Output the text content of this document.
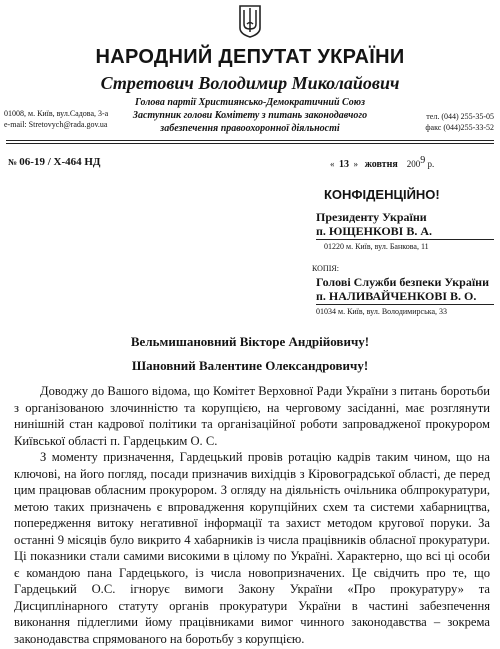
НАРОДНИЙ ДЕПУТАТ УКРАЇНИ
Стретович Володимир Миколайович
Голова партії Християнсько-Демократичний Союз
Заступник голови Комітету з питань законодавчого
забезпечення правоохоронної діяльності
01008, м. Київ, вул.Садова, 3-а
e-mail: Stretovych@rada.gov.ua
тел. (044) 255-35-05
факс (044)255-33-52
№ 06-19 / Х-464 НД	« 13 » жовтня $200^9$ р.
КОНФІДЕНЦІЙНО!
Президенту України
п. ЮЩЕНКОВІ В. А.
01220 м. Київ, вул. Банкова, 11
КОПІЯ:
Голові Служби безпеки України
п. НАЛИВАЙЧЕНКОВІ В. О.
01034 м. Київ, вул. Володимирська, 33
Вельмишановний Вікторе Андрійовичу!
Шановний Валентине Олександровичу!

Доводжу до Вашого відома, що Комітет Верховної Ради України з питань боротьби з організованою злочинністю та корупцією, на черговому засіданні, має розглянути нинішній стан кадрової політики та організаційної роботи запровадженої прокурором Київської області п. Гардецьким О. С.

З моменту призначення, Гардецький провів ротацію кадрів таким чином, що на ключові, на його погляд, посади призначив вихідців з Кіровоградської області, де перед цим працював обласним прокурором. З огляду на діяльність очільника облпрокуратури, метою таких призначень є впровадження корупційних схем та системи хабарництва, попередження витоку негативної інформації та захист методом кругової поруки. За останні 9 місяців було викрито 4 хабарників із числа працівників обласної прокуратури. Ці показники стали самими високими в цілому по Україні. Характерно, що всі ці особи є командою пана Гардецького, із числа новопризначених. Це свідчить про те, що Гардецький О.С. ігнорує вимоги Закону України «Про прокуратуру» та Дисциплінарного статуту органів прокуратури України в частині забезпечення виконання підлеглими йому працівниками вимог чинного законодавства – зокрема законодавства спрямованого на боротьбу з корупцією.
